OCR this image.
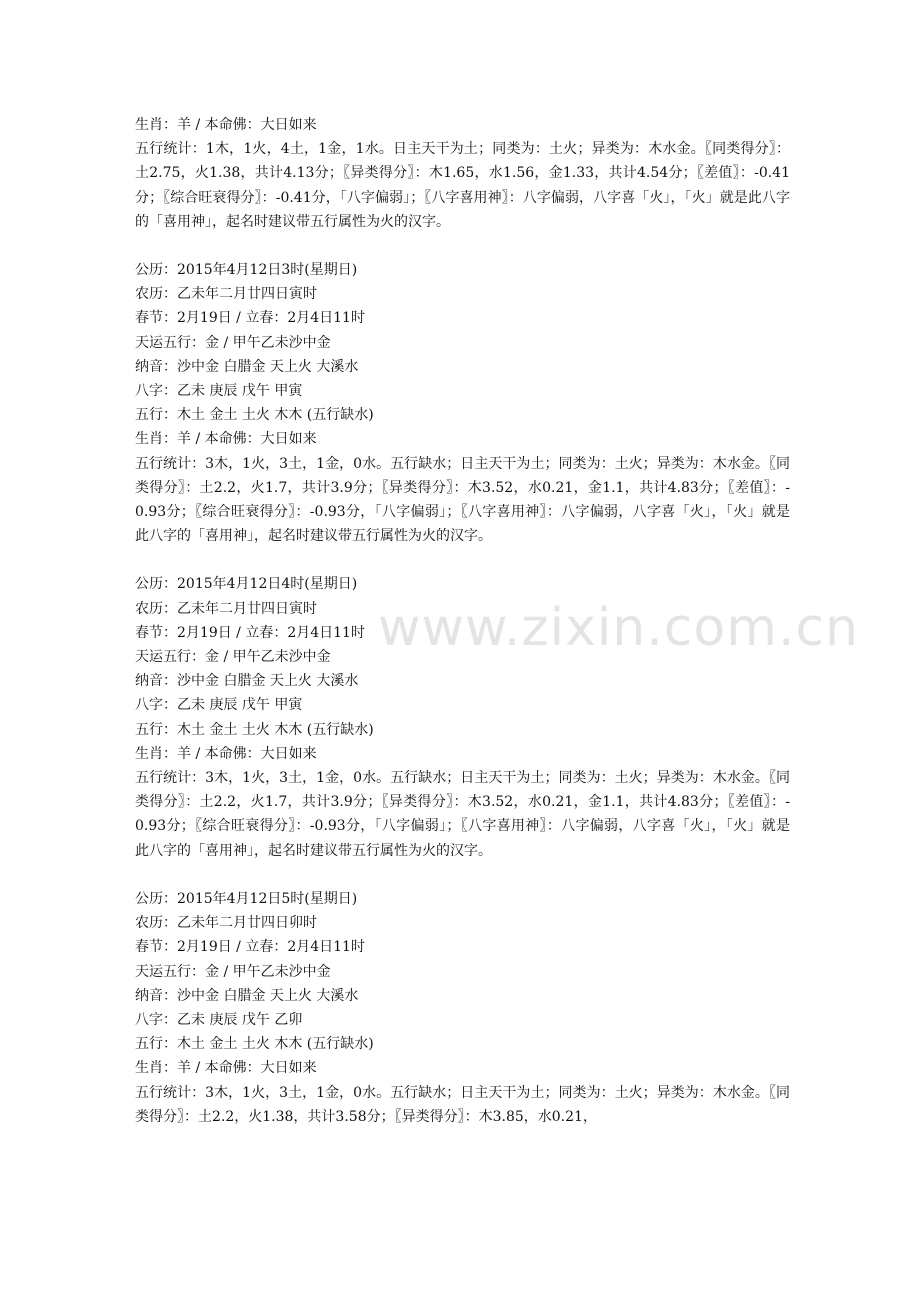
www.zixin.com.cn
生肖：羊 / 本命佛：大日如来
五行统计：1木，1火，4土，1金，1水。日主天干为土；同类为：土火；异类为：木水金。〖同类得分〗：土2.75，火1.38，共计4.13分；〖异类得分〗：木1.65，水1.56，金1.33，共计4.54分；〖差值〗：-0.41分；〖综合旺衰得分〗：-0.41分，「八字偏弱」；〖八字喜用神〗：八字偏弱，八字喜「火」，「火」就是此八字的「喜用神」，起名时建议带五行属性为火的汉字。
公历：2015年4月12日3时(星期日)
农历：乙未年二月廿四日寅时
春节：2月19日 / 立春：2月4日11时
天运五行：金 / 甲午乙未沙中金
纳音：沙中金 白腊金 天上火 大溪水
八字：乙未 庚辰 戊午 甲寅
五行：木土 金土 土火 木木 (五行缺水)
生肖：羊 / 本命佛：大日如来
五行统计：3木，1火，3土，1金，0水。五行缺水；日主天干为土；同类为：土火；异类为：木水金。〖同类得分〗：土2.2，火1.7，共计3.9分；〖异类得分〗：木3.52，水0.21，金1.1，共计4.83分；〖差值〗：-0.93分；〖综合旺衰得分〗：-0.93分，「八字偏弱」；〖八字喜用神〗：八字偏弱，八字喜「火」，「火」就是此八字的「喜用神」，起名时建议带五行属性为火的汉字。
公历：2015年4月12日4时(星期日)
农历：乙未年二月廿四日寅时
春节：2月19日 / 立春：2月4日11时
天运五行：金 / 甲午乙未沙中金
纳音：沙中金 白腊金 天上火 大溪水
八字：乙未 庚辰 戊午 甲寅
五行：木土 金土 土火 木木 (五行缺水)
生肖：羊 / 本命佛：大日如来
五行统计：3木，1火，3土，1金，0水。五行缺水；日主天干为土；同类为：土火；异类为：木水金。〖同类得分〗：土2.2，火1.7，共计3.9分；〖异类得分〗：木3.52，水0.21，金1.1，共计4.83分；〖差值〗：-0.93分；〖综合旺衰得分〗：-0.93分，「八字偏弱」；〖八字喜用神〗：八字偏弱，八字喜「火」，「火」就是此八字的「喜用神」，起名时建议带五行属性为火的汉字。
公历：2015年4月12日5时(星期日)
农历：乙未年二月廿四日卯时
春节：2月19日 / 立春：2月4日11时
天运五行：金 / 甲午乙未沙中金
纳音：沙中金 白腊金 天上火 大溪水
八字：乙未 庚辰 戊午 乙卯
五行：木土 金土 土火 木木 (五行缺水)
生肖：羊 / 本命佛：大日如来
五行统计：3木，1火，3土，1金，0水。五行缺水；日主天干为土；同类为：土火；异类为：木水金。〖同类得分〗：土2.2，火1.38，共计3.58分；〖异类得分〗：木3.85，水0.21，
